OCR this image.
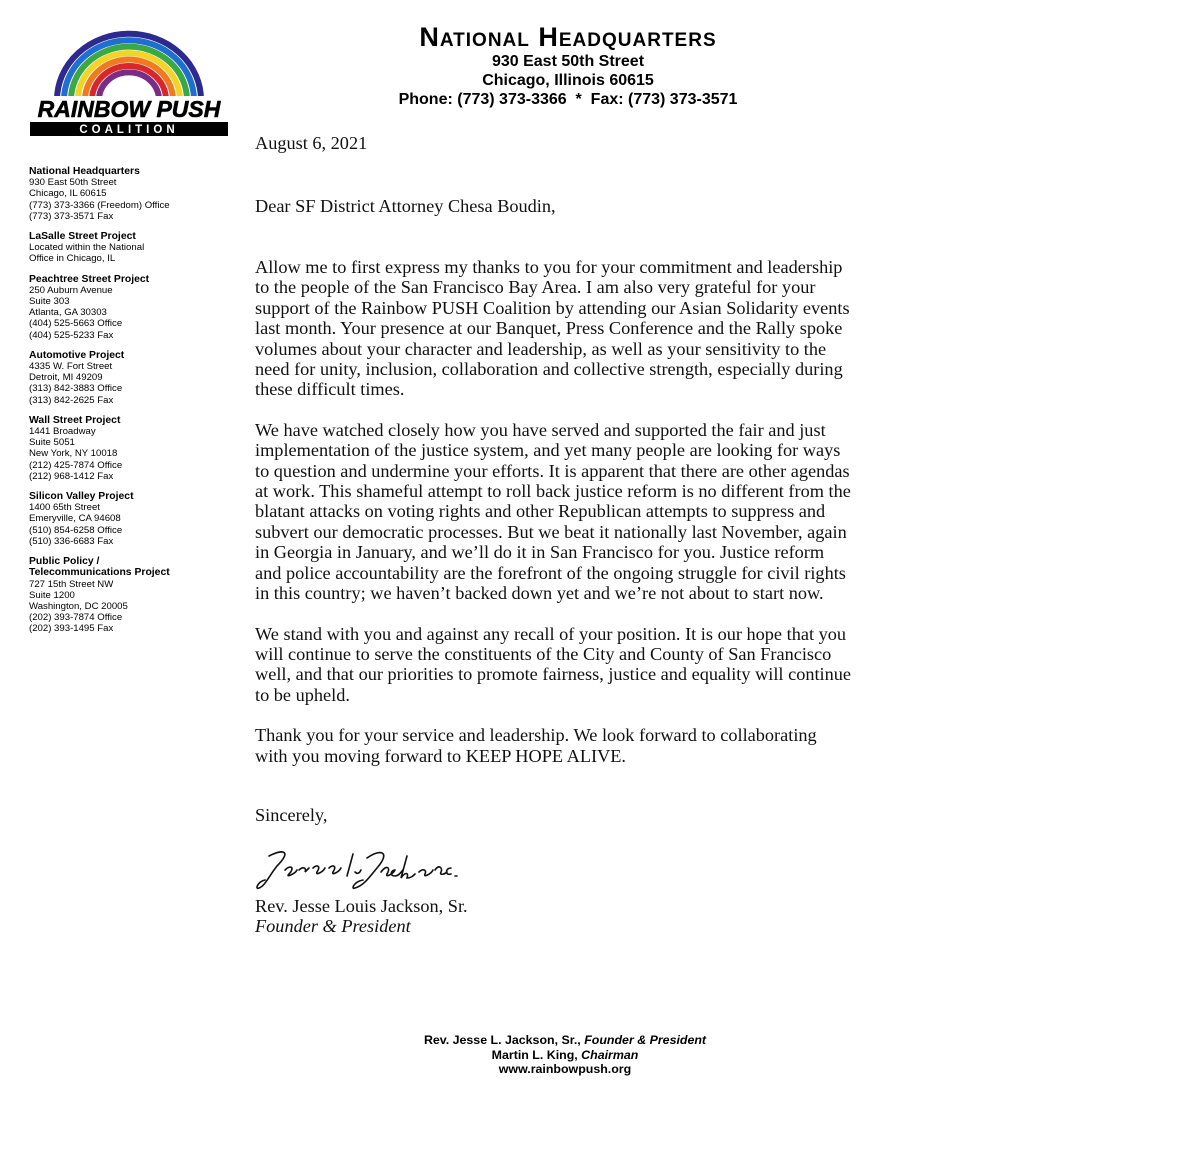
RAINBOW PUSH
COALITION
National Headquarters
930 East 50th Street
Chicago, Illinois 60615
Phone: (773) 373-3366  *  Fax: (773) 373-3571
National Headquarters
930 East 50th Street
Chicago, IL 60615
(773) 373-3366 (Freedom) Office
(773) 373-3571 Fax
LaSalle Street Project
Located within the National
Office in Chicago, IL
Peachtree Street Project
250 Auburn Avenue
Suite 303
Atlanta, GA 30303
(404) 525-5663 Office
(404) 525-5233 Fax
Automotive Project
4335 W. Fort Street
Detroit, MI 49209
(313) 842-3883 Office
(313) 842-2625 Fax
Wall Street Project
1441 Broadway
Suite 5051
New York, NY 10018
(212) 425-7874 Office
(212) 968-1412 Fax
Silicon Valley Project
1400 65th Street
Emeryville, CA 94608
(510) 854-6258 Office
(510) 336-6683 Fax
Public Policy /
Telecommunications Project
727 15th Street NW
Suite 1200
Washington, DC 20005
(202) 393-7874 Office
(202) 393-1495 Fax
August 6, 2021
Dear SF District Attorney Chesa Boudin,

Allow me to first express my thanks to you for your commitment and leadership
to the people of the San Francisco Bay Area. I am also very grateful for your
support of the Rainbow PUSH Coalition by attending our Asian Solidarity events
last month. Your presence at our Banquet, Press Conference and the Rally spoke
volumes about your character and leadership, as well as your sensitivity to the
need for unity, inclusion, collaboration and collective strength, especially during
these difficult times.

We have watched closely how you have served and supported the fair and just
implementation of the justice system, and yet many people are looking for ways
to question and undermine your efforts. It is apparent that there are other agendas
at work. This shameful attempt to roll back justice reform is no different from the
blatant attacks on voting rights and other Republican attempts to suppress and
subvert our democratic processes. But we beat it nationally last November, again
in Georgia in January, and we’ll do it in San Francisco for you. Justice reform
and police accountability are the forefront of the ongoing struggle for civil rights
in this country; we haven’t backed down yet and we’re not about to start now.

We stand with you and against any recall of your position. It is our hope that you
will continue to serve the constituents of the City and County of San Francisco
well, and that our priorities to promote fairness, justice and equality will continue
to be upheld.

Thank you for your service and leadership. We look forward to collaborating
with you moving forward to KEEP HOPE ALIVE.

Sincerely,
Rev. Jesse Louis Jackson, Sr.
Founder & President
Rev. Jesse L. Jackson, Sr., Founder & President
Martin L. King, Chairman
www.rainbowpush.org
